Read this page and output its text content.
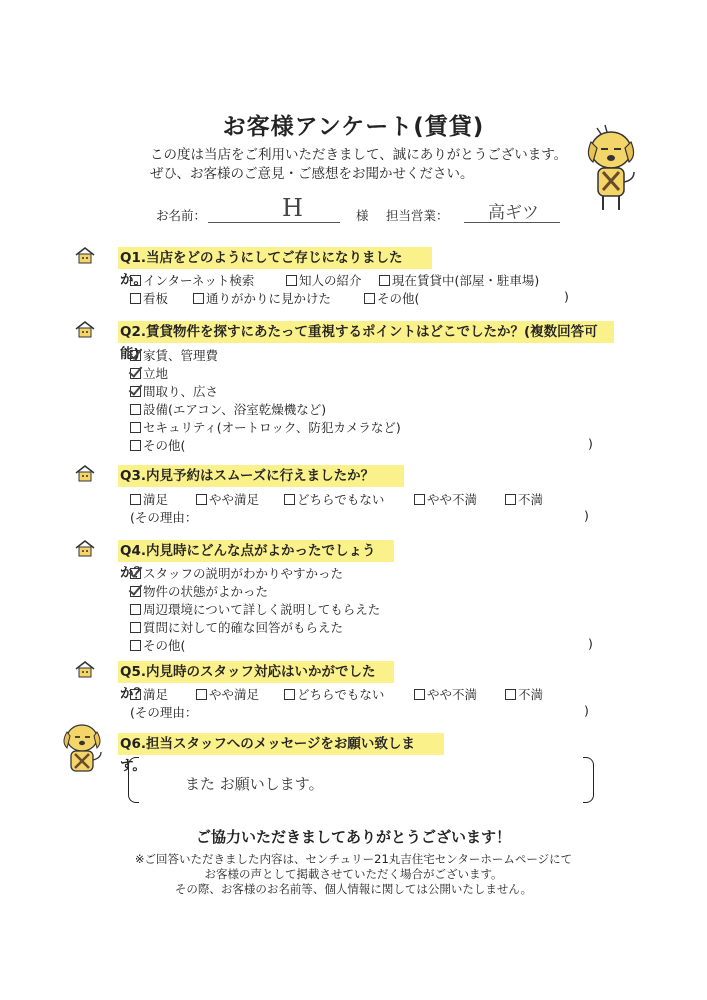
お客様アンケート(賃貸)
この度は当店をご利用いただきまして、誠にありがとうございます。
ぜひ、お客様のご意見・ご感想をお聞かせください。
お名前：	H	様 担当営業： 高ギツ
Q1.当店をどのようにしてご存じになりましたか。
インターネット検索	知人の紹介	現在賃貸中(部屋・駐車場)
看板	通りがかりに見かけた	その他(	)
Q2.賃貸物件を探すにあたって重視するポイントはどこでしたか？(複数回答可能) 家賃、管理費
立地
間取り、広さ
設備(エアコン、浴室乾燥機など)
セキュリティ(オートロック、防犯カメラなど)
その他(	)
Q3.内見予約はスムーズに行えましたか？
満足	やや満足	どちらでもない	やや不満	不満
(その理由：	)
Q4.内見時にどんな点がよかったでしょうか？
スタッフの説明がわかりやすかった
物件の状態がよかった
周辺環境について詳しく説明してもらえた
質問に対して的確な回答がもらえた
その他(	)
Q5.内見時のスタッフ対応はいかがでしたか？
満足	やや満足	どちらでもない	やや不満	不満
(その理由：	)
Q6.担当スタッフへのメッセージをお願い致します。
また お願いします。
ご協力いただきましてありがとうございます！
※ご回答いただきました内容は、センチュリー21丸吉住宅センターホームページにて
お客様の声として掲載させていただく場合がございます。
その際、お客様のお名前等、個人情報に関しては公開いたしません。
